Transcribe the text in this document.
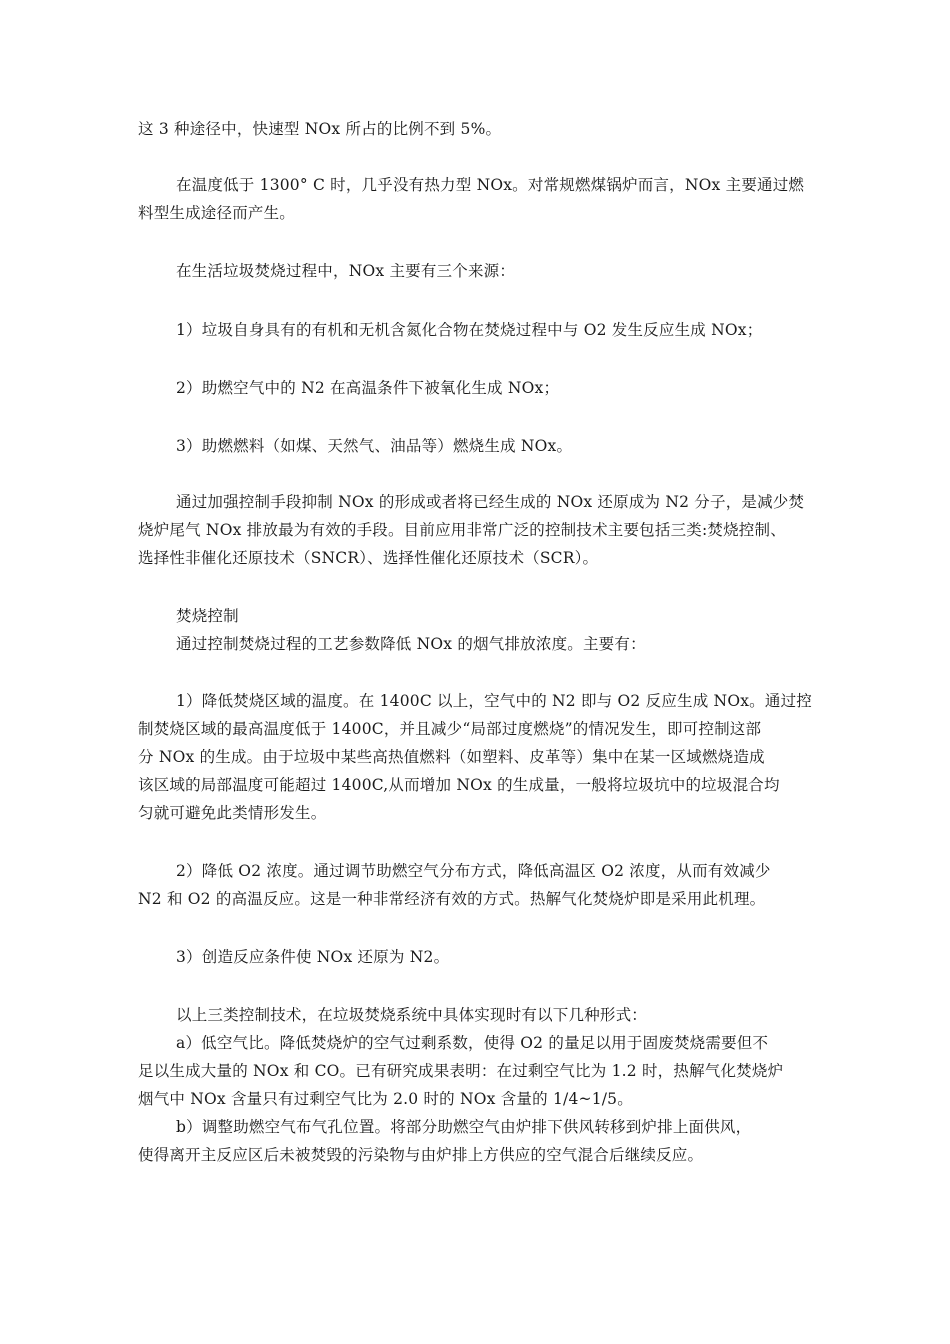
这 3 种途径中，快速型 NOx 所占的比例不到 5%。
在温度低于 1300° C 时，几乎没有热力型 NOx。对常规燃煤锅炉而言，NOx 主要通过燃
料型生成途径而产生。
在生活垃圾焚烧过程中，NOx 主要有三个来源：
1）垃圾自身具有的有机和无机含氮化合物在焚烧过程中与 O2 发生反应生成 NOx；
2）助燃空气中的 N2 在高温条件下被氧化生成 NOx；
3）助燃燃料（如煤、天然气、油品等）燃烧生成 NOx。
通过加强控制手段抑制 NOx 的形成或者将已经生成的 NOx 还原成为 N2 分子，是减少焚
烧炉尾气 NOx 排放最为有效的手段。目前应用非常广泛的控制技术主要包括三类:焚烧控制、
选择性非催化还原技术（SNCR）、选择性催化还原技术（SCR）。
焚烧控制
通过控制焚烧过程的工艺参数降低 NOx 的烟气排放浓度。主要有：
1）降低焚烧区域的温度。在 1400C 以上，空气中的 N2 即与 O2 反应生成 NOx。通过控
制焚烧区域的最高温度低于 1400C，并且减少“局部过度燃烧”的情况发生，即可控制这部
分 NOx 的生成。由于垃圾中某些高热值燃料（如塑料、皮革等）集中在某一区域燃烧造成
该区域的局部温度可能超过 1400C,从而增加 NOx 的生成量，一般将垃圾坑中的垃圾混合均
匀就可避免此类情形发生。
2）降低 O2 浓度。通过调节助燃空气分布方式，降低高温区 O2 浓度，从而有效减少
N2 和 O2 的高温反应。这是一种非常经济有效的方式。热解气化焚烧炉即是采用此机理。
3）创造反应条件使 NOx 还原为 N2。
以上三类控制技术，在垃圾焚烧系统中具体实现时有以下几种形式：
a）低空气比。降低焚烧炉的空气过剩系数，使得 O2 的量足以用于固废焚烧需要但不
足以生成大量的 NOx 和 CO。已有研究成果表明：在过剩空气比为 1.2 时，热解气化焚烧炉
烟气中 NOx 含量只有过剩空气比为 2.0 时的 NOx 含量的 1/4~1/5。
b）调整助燃空气布气孔位置。将部分助燃空气由炉排下供风转移到炉排上面供风，
使得离开主反应区后未被焚毁的污染物与由炉排上方供应的空气混合后继续反应。
